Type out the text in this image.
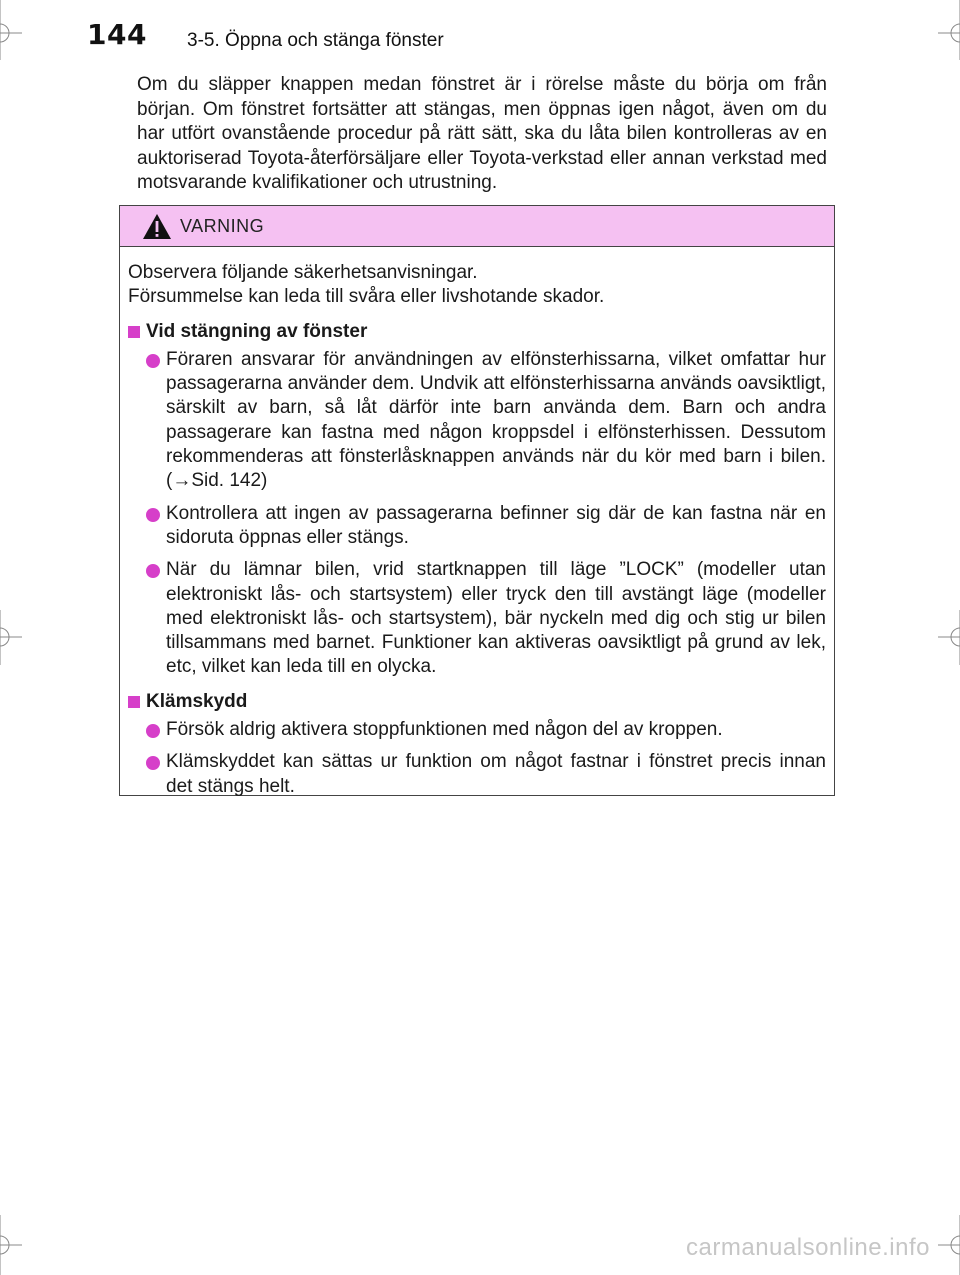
144 3-5. Öppna och stänga fönster

Om du släpper knappen medan fönstret är i rörelse måste du börja om från början. Om fönstret fortsätter att stängas, men öppnas igen något, även om du har utfört ovanstående procedur på rätt sätt, ska du låta bilen kontrolleras av en auktoriserad Toyota-återförsäljare eller Toyota-verkstad eller annan verkstad med motsvarande kvalifikationer och utrustning.

VARNING

Observera följande säkerhetsanvisningar.

Försummelse kan leda till svåra eller livshotande skador.

Vid stängning av fönster

Föraren ansvarar för användningen av elfönsterhissarna, vilket omfattar hur passagerarna använder dem. Undvik att elfönsterhissarna används oavsiktligt, särskilt av barn, så låt därför inte barn använda dem. Barn och andra passagerare kan fastna med någon kroppsdel i elfönsterhissen. Dessutom rekommenderas att fönsterlåsknappen används när du kör med barn i bilen. (→Sid. 142)

Kontrollera att ingen av passagerarna befinner sig där de kan fastna när en sidoruta öppnas eller stängs.

När du lämnar bilen, vrid startknappen till läge ”LOCK” (modeller utan elektroniskt lås- och startsystem) eller tryck den till avstängt läge (modeller med elektroniskt lås- och startsystem), bär nyckeln med dig och stig ur bilen tillsammans med barnet. Funktioner kan aktiveras oavsiktligt på grund av lek, etc, vilket kan leda till en olycka.

Klämskydd

Försök aldrig aktivera stoppfunktionen med någon del av kroppen.

Klämskyddet kan sättas ur funktion om något fastnar i fönstret precis innan det stängs helt.

carmanualsonline.info
